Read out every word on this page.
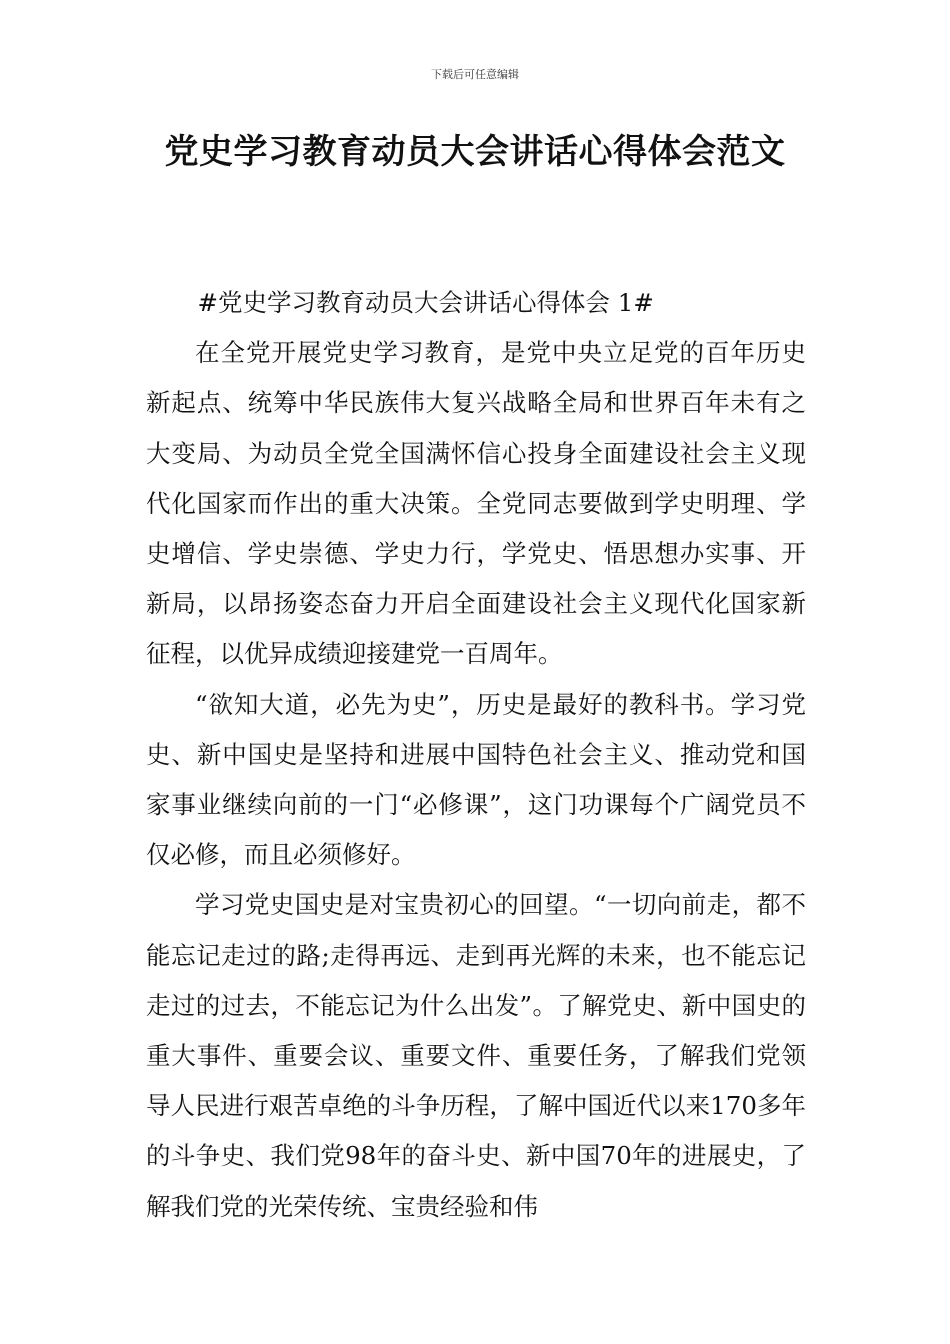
下载后可任意编辑
党史学习教育动员大会讲话心得体会范文

#党史学习教育动员大会讲话心得体会 1#

在全党开展党史学习教育，是党中央立足党的百年历史新起点、统筹中华民族伟大复兴战略全局和世界百年未有之大变局、为动员全党全国满怀信心投身全面建设社会主义现代化国家而作出的重大决策。全党同志要做到学史明理、学史增信、学史崇德、学史力行，学党史、悟思想办实事、开新局，以昂扬姿态奋力开启全面建设社会主义现代化国家新征程，以优异成绩迎接建党一百周年。

“欲知大道，必先为史”，历史是最好的教科书。学习党史、新中国史是坚持和进展中国特色社会主义、推动党和国家事业继续向前的一门“必修课”，这门功课每个广阔党员不仅必修，而且必须修好。

学习党史国史是对宝贵初心的回望。“一切向前走，都不能忘记走过的路;走得再远、走到再光辉的未来，也不能忘记走过的过去，不能忘记为什么出发”。了解党史、新中国史的重大事件、重要会议、重要文件、重要任务，了解我们党领导人民进行艰苦卓绝的斗争历程，了解中国近代以来170多年的斗争史、我们党98年的奋斗史、新中国70年的进展史，了解我们党的光荣传统、宝贵经验和伟
